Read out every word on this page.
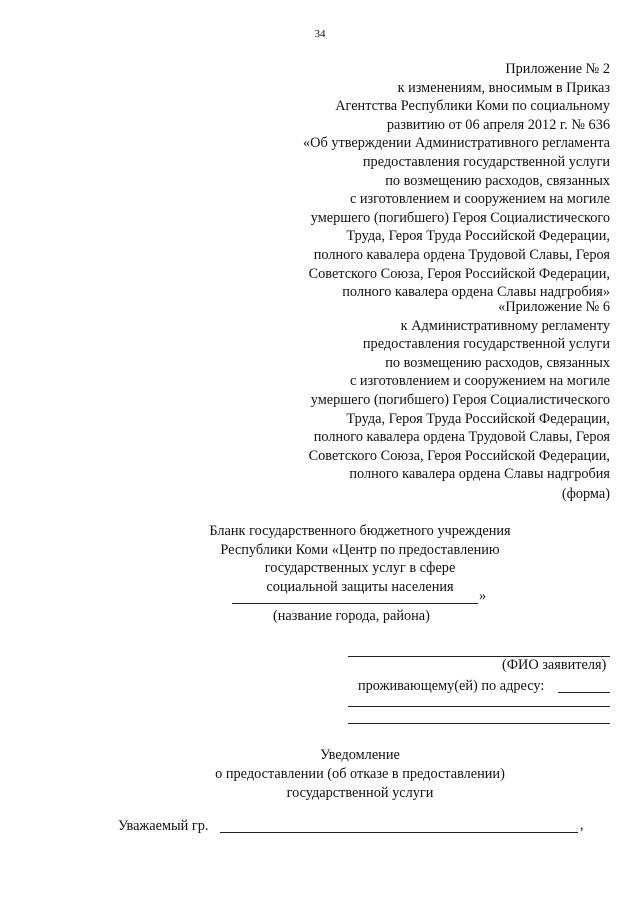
34
Приложение № 2
к изменениям, вносимым в Приказ
Агентства Республики Коми по социальному
развитию от 06 апреля 2012 г. № 636
«Об утверждении Административного регламента
предоставления государственной услуги
по возмещению расходов, связанных
с изготовлением и сооружением на могиле
умершего (погибшего) Героя Социалистического
Труда, Героя Труда Российской Федерации,
полного кавалера ордена Трудовой Славы, Героя
Советского Союза, Героя Российской Федерации,
полного кавалера ордена Славы надгробия»
«Приложение № 6
к Административному регламенту
предоставления государственной услуги
по возмещению расходов, связанных
с изготовлением и сооружением на могиле
умершего (погибшего) Героя Социалистического
Труда, Героя Труда Российской Федерации,
полного кавалера ордена Трудовой Славы, Героя
Советского Союза, Героя Российской Федерации,
полного кавалера ордена Славы надгробия
(форма)
Бланк государственного бюджетного учреждения
Республики Коми «Центр по предоставлению
государственных услуг в сфере
социальной защиты населения
»
(название города, района)
(ФИО заявителя)
проживающему(ей) по адресу:
Уведомление
о предоставлении (об отказе в предоставлении)
государственной услуги
Уважаемый гр.	,
